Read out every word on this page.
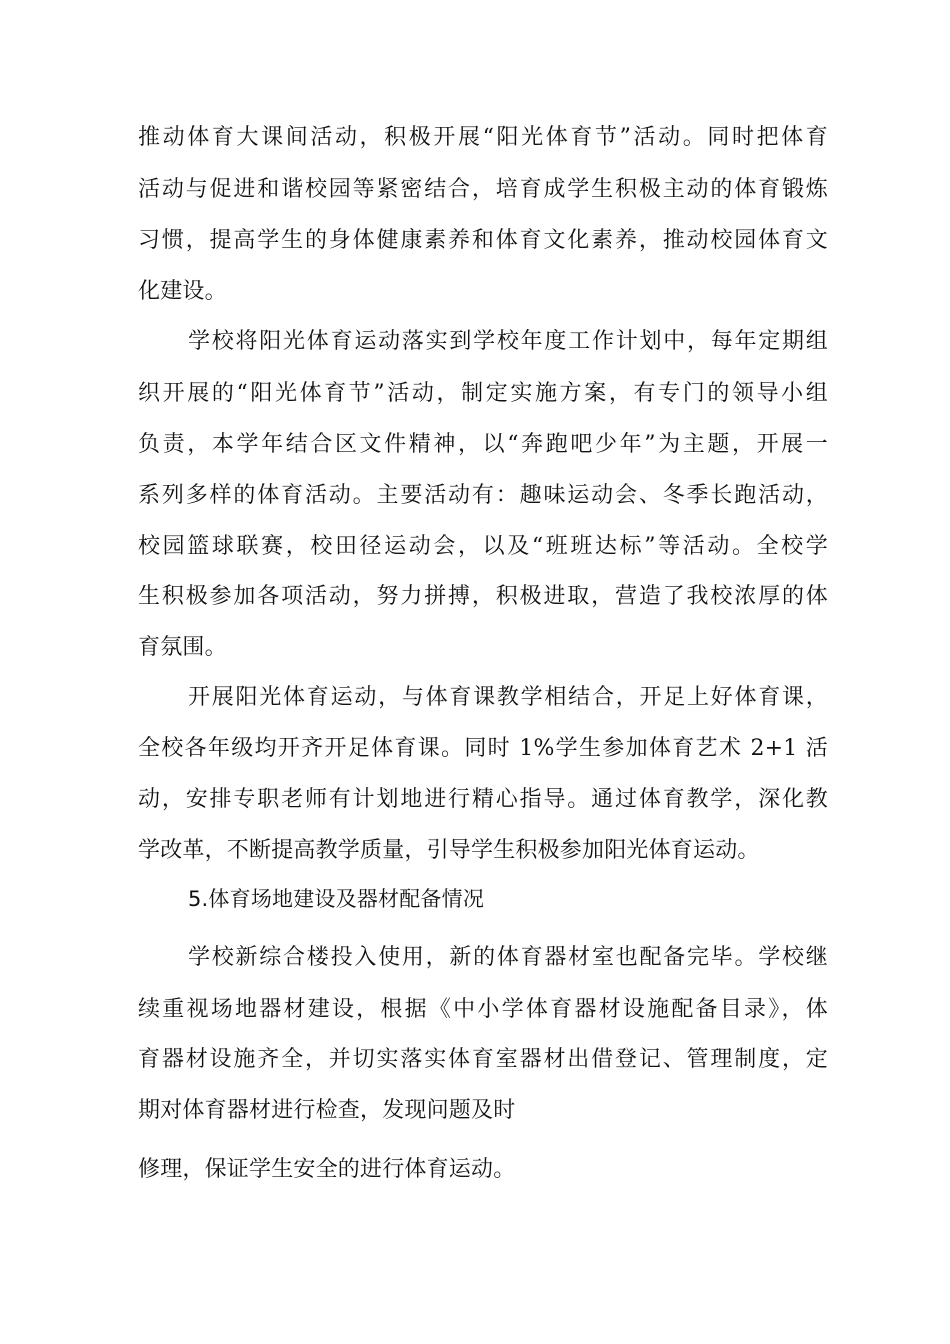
推动体育大课间活动，积极开展“阳光体育节”活动。同时把体育
活动与促进和谐校园等紧密结合，培育成学生积极主动的体育锻炼
习惯，提高学生的身体健康素养和体育文化素养，推动校园体育文
化建设。
学校将阳光体育运动落实到学校年度工作计划中，每年定期组
织开展的“阳光体育节”活动，制定实施方案，有专门的领导小组
负责，本学年结合区文件精神，以“奔跑吧少年”为主题，开展一
系列多样的体育活动。主要活动有：趣味运动会、冬季长跑活动，
校园篮球联赛，校田径运动会，以及“班班达标”等活动。全校学
生积极参加各项活动，努力拼搏，积极进取，营造了我校浓厚的体
育氛围。
开展阳光体育运动，与体育课教学相结合，开足上好体育课，
全校各年级均开齐开足体育课。同时 1%学生参加体育艺术 2+1 活
动，安排专职老师有计划地进行精心指导。通过体育教学，深化教
学改革，不断提高教学质量，引导学生积极参加阳光体育运动。
5.体育场地建设及器材配备情况
学校新综合楼投入使用，新的体育器材室也配备完毕。学校继
续重视场地器材建设，根据《中小学体育器材设施配备目录》，体
育器材设施齐全，并切实落实体育室器材出借登记、管理制度，定
期对体育器材进行检查，发现问题及时
修理，保证学生安全的进行体育运动。
